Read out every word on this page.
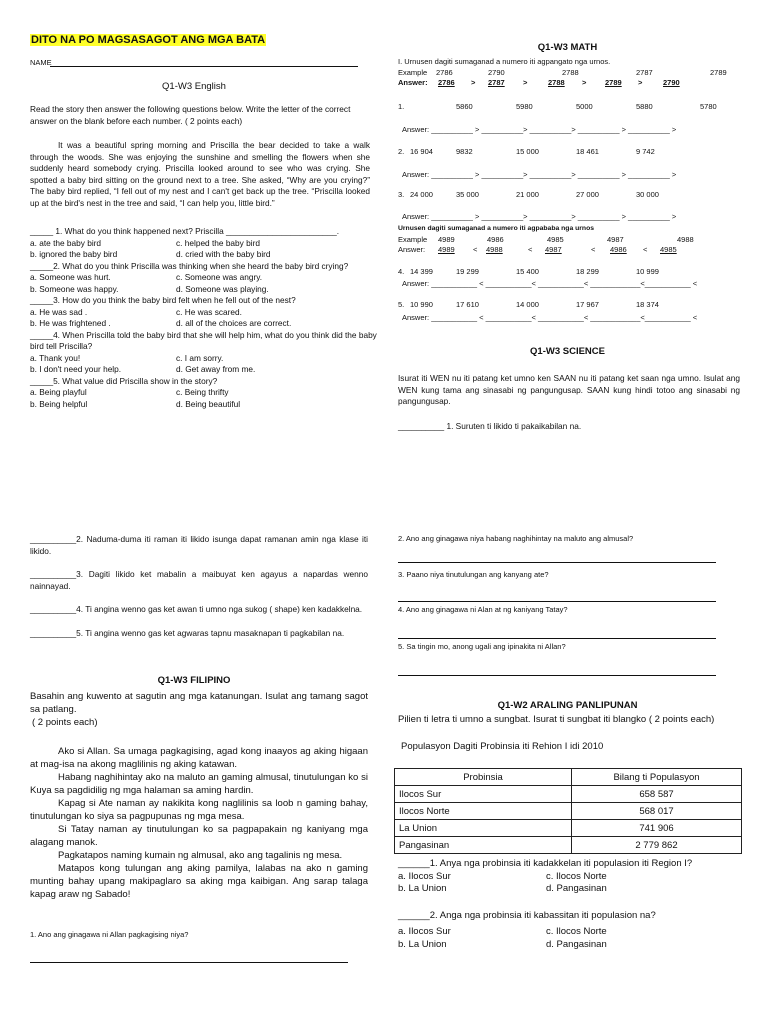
DITO NA PO MAGSASAGOT ANG MGA BATA
NAME
Q1-W3 English
Read the story then answer the following questions below. Write the letter of the correct answer on the blank before each number. ( 2 points each)
It was a beautiful spring morning and Priscilla the bear decided to take a walk through the woods. She was enjoying the sunshine and smelling the flowers when she suddenly heard somebody crying. Priscilla looked around to see who was crying. She spotted a baby bird sitting on the ground next to a tree. She asked, “Why are you crying?” The baby bird replied, “I fell out of my nest and I can't get back up the tree. “Priscilla looked up at the bird's nest in the tree and said, “I can help you, little bird.”
_____ 1. What do you think happened next? Priscilla ________________________.
a. ate the baby bird	c. helped the baby bird
b. ignored the baby bird	d. cried with the baby bird
_____2. What do you think Priscilla was thinking when she heard the baby bird crying?
a. Someone was hurt.	c. Someone was angry.
b. Someone was happy.	d. Someone was playing.
_____3. How do you think the baby bird felt when he fell out of the nest?
a. He was sad .	c. He was scared.
b. He was frightened .	d. all of the choices are correct.
_____4. When Priscilla told the baby bird that she will help him, what do you think did the baby bird tell Priscilla?
a. Thank you!	c. I am sorry.
b. I don't need your help.	d. Get away from me.
_____5. What value did Priscilla show in the story?
a. Being playful	c. Being thrifty
b. Being helpful	d. Being beautiful
__________2. Naduma-duma iti raman iti likido isunga dapat ramanan amin nga klase iti likido.
__________3. Dagiti likido ket mabalin a maibuyat ken agayus a napardas wenno nainnayad.
__________4. Ti angina wenno gas ket awan ti umno nga sukog ( shape) ken kadakkelna.
__________5. Ti angina wenno gas ket agwaras tapnu masaknapan ti pagkabilan na.
Q1-W3 FILIPINO
Basahin ang kuwento at sagutin ang mga katanungan. Isulat ang tamang sagot sa patlang.
( 2 points each)
Ako si Allan. Sa umaga pagkagising, agad kong inaayos ag aking higaan at mag-isa na akong maglilinis ng aking katawan.
Habang naghihintay ako na maluto an gaming almusal, tinutulungan ko si Kuya sa pagdidilig ng mga halaman sa aming hardin.
Kapag si Ate naman ay nakikita kong naglilinis sa loob n gaming bahay, tinutulungan ko siya sa pagpupunas ng mga mesa.
Si Tatay naman ay tinutulungan ko sa pagpapakain ng kaniyang mga alagang manok.
Pagkatapos naming kumain ng almusal, ako ang tagalinis ng mesa.
Matapos kong tulungan ang aking pamilya, lalabas na ako n gaming munting bahay upang makipaglaro sa aking mga kaibigan. Ang sarap talaga kapag araw ng Sabado!
1. Ano ang ginagawa ni Allan pagkagising niya?
Q1-W3 MATH
I. Urnusen dagiti sumaganad a numero iti agpangato nga urnos.
Example	2786	2790	2788	2787	2789
Answer: 2786 > 2787 >	2788 > 2789 >	2790
1.	5860	5980	5000	5880	5780
Answer: __________ > __________> __________> __________ > __________ >
2. 16 904	9832	15 000	18 461	9 742
Answer: __________ > __________> __________> __________ > __________ >
3. 24 000	35 000	21 000	27 000	30 000
Answer: __________ > __________> __________> __________ > __________ >
Urnusen dagiti sumaganad a numero iti agpababa nga urnos
Example	4989	4986	4985	4987	4988
Answer: 4989 < 4988	< 4987	< 4986 < 4985
4. 14 399	19 299	15 400	18 299	10 999
Answer: ___________ < ___________< ___________< ____________<___________ <
5. 10 990	17 610	14 000	17 967	18 374
Answer: ___________ < ___________< ___________< ____________<___________ <
Q1-W3 SCIENCE
Isurat iti WEN nu iti patang ket umno ken SAAN nu iti patang ket saan nga umno. Isulat ang WEN kung tama ang sinasabi ng pangungusap. SAAN kung hindi totoo ang sinasabi ng pangungusap.
__________ 1. Suruten ti likido ti pakaikabilan na.
2. Ano ang ginagawa niya habang naghihintay na maluto ang almusal?
3. Paano niya tinutulungan ang kanyang ate?
4. Ano ang ginagawa ni Alan at ng kaniyang Tatay?
5. Sa tingin mo, anong ugali ang ipinakita ni Allan?
Q1-W2 ARALING PANLIPUNAN
Pilien ti letra ti umno a sungbat. Isurat ti sungbat iti blangko ( 2 points each)
Populasyon Dagiti Probinsia iti Rehion I idi 2010
Probinsia	Bilang ti Populasyon
Ilocos Sur	658 587
Ilocos Norte	568 017
La Union	741 906
Pangasinan	2 779 862
______1. Anya nga probinsia iti kadakkelan iti populasion iti Region I?
a. Ilocos Sur	c. Ilocos Norte
b. La Union	d. Pangasinan
______2. Anga nga probinsia iti kabassitan iti populasion na?
a. Ilocos Sur	c. Ilocos Norte
b. La Union	d. Pangasinan
